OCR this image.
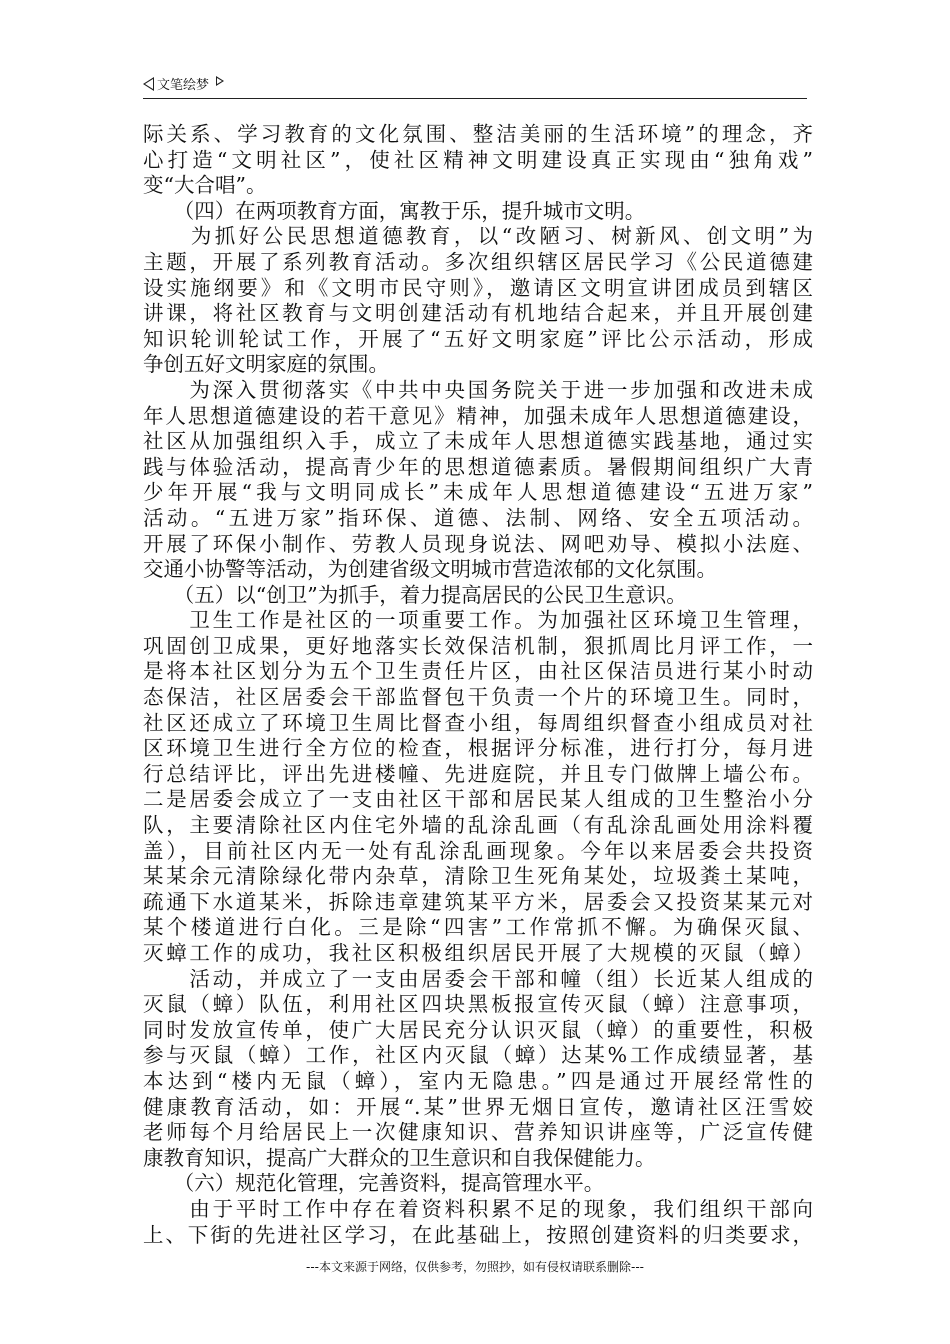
文笔绘梦
际关系、学习教育的文化氛围、整洁美丽的生活环境”的理念，齐
心打造“文明社区”，使社区精神文明建设真正实现由“独角戏”
变“大合唱”。
　　（四）在两项教育方面，寓教于乐，提升城市文明。
　　为抓好公民思想道德教育，以“改陋习、树新风、创文明”为
主题，开展了系列教育活动。多次组织辖区居民学习《公民道德建
设实施纲要》和《文明市民守则》，邀请区文明宣讲团成员到辖区
讲课，将社区教育与文明创建活动有机地结合起来，并且开展创建
知识轮训轮试工作，开展了“五好文明家庭”评比公示活动，形成
争创五好文明家庭的氛围。
　　为深入贯彻落实《中共中央国务院关于进一步加强和改进未成
年人思想道德建设的若干意见》精神，加强未成年人思想道德建设，
社区从加强组织入手，成立了未成年人思想道德实践基地，通过实
践与体验活动，提高青少年的思想道德素质。暑假期间组织广大青
少年开展“我与文明同成长”未成年人思想道德建设“五进万家”
活动。“五进万家”指环保、道德、法制、网络、安全五项活动。
开展了环保小制作、劳教人员现身说法、网吧劝导、模拟小法庭、
交通小协警等活动，为创建省级文明城市营造浓郁的文化氛围。
　　（五）以“创卫”为抓手，着力提高居民的公民卫生意识。
　　卫生工作是社区的一项重要工作。为加强社区环境卫生管理，
巩固创卫成果，更好地落实长效保洁机制，狠抓周比月评工作，一
是将本社区划分为五个卫生责任片区，由社区保洁员进行某小时动
态保洁，社区居委会干部监督包干负责一个片的环境卫生。同时，
社区还成立了环境卫生周比督查小组，每周组织督查小组成员对社
区环境卫生进行全方位的检查，根据评分标准，进行打分，每月进
行总结评比，评出先进楼幢、先进庭院，并且专门做牌上墙公布。
二是居委会成立了一支由社区干部和居民某人组成的卫生整治小分
队，主要清除社区内住宅外墙的乱涂乱画（有乱涂乱画处用涂料覆
盖），目前社区内无一处有乱涂乱画现象。今年以来居委会共投资
某某余元清除绿化带内杂草，清除卫生死角某处，垃圾粪土某吨，
疏通下水道某米，拆除违章建筑某平方米，居委会又投资某某元对
某个楼道进行白化。三是除“四害”工作常抓不懈。为确保灭鼠、
灭蟑工作的成功，我社区积极组织居民开展了大规模的灭鼠（蟑）
　　活动，并成立了一支由居委会干部和幢（组）长近某人组成的
灭鼠（蟑）队伍，利用社区四块黑板报宣传灭鼠（蟑）注意事项，
同时发放宣传单，使广大居民充分认识灭鼠（蟑）的重要性，积极
参与灭鼠（蟑）工作，社区内灭鼠（蟑）达某%工作成绩显著，基
本达到“楼内无鼠（蟑），室内无隐患。”四是通过开展经常性的
健康教育活动，如：开展“.某”世界无烟日宣传，邀请社区汪雪姣
老师每个月给居民上一次健康知识、营养知识讲座等，广泛宣传健
康教育知识，提高广大群众的卫生意识和自我保健能力。
　　（六）规范化管理，完善资料，提高管理水平。
　　由于平时工作中存在着资料积累不足的现象，我们组织干部向
上、下街的先进社区学习，在此基础上，按照创建资料的归类要求，
---本文来源于网络，仅供参考，勿照抄，如有侵权请联系删除---
